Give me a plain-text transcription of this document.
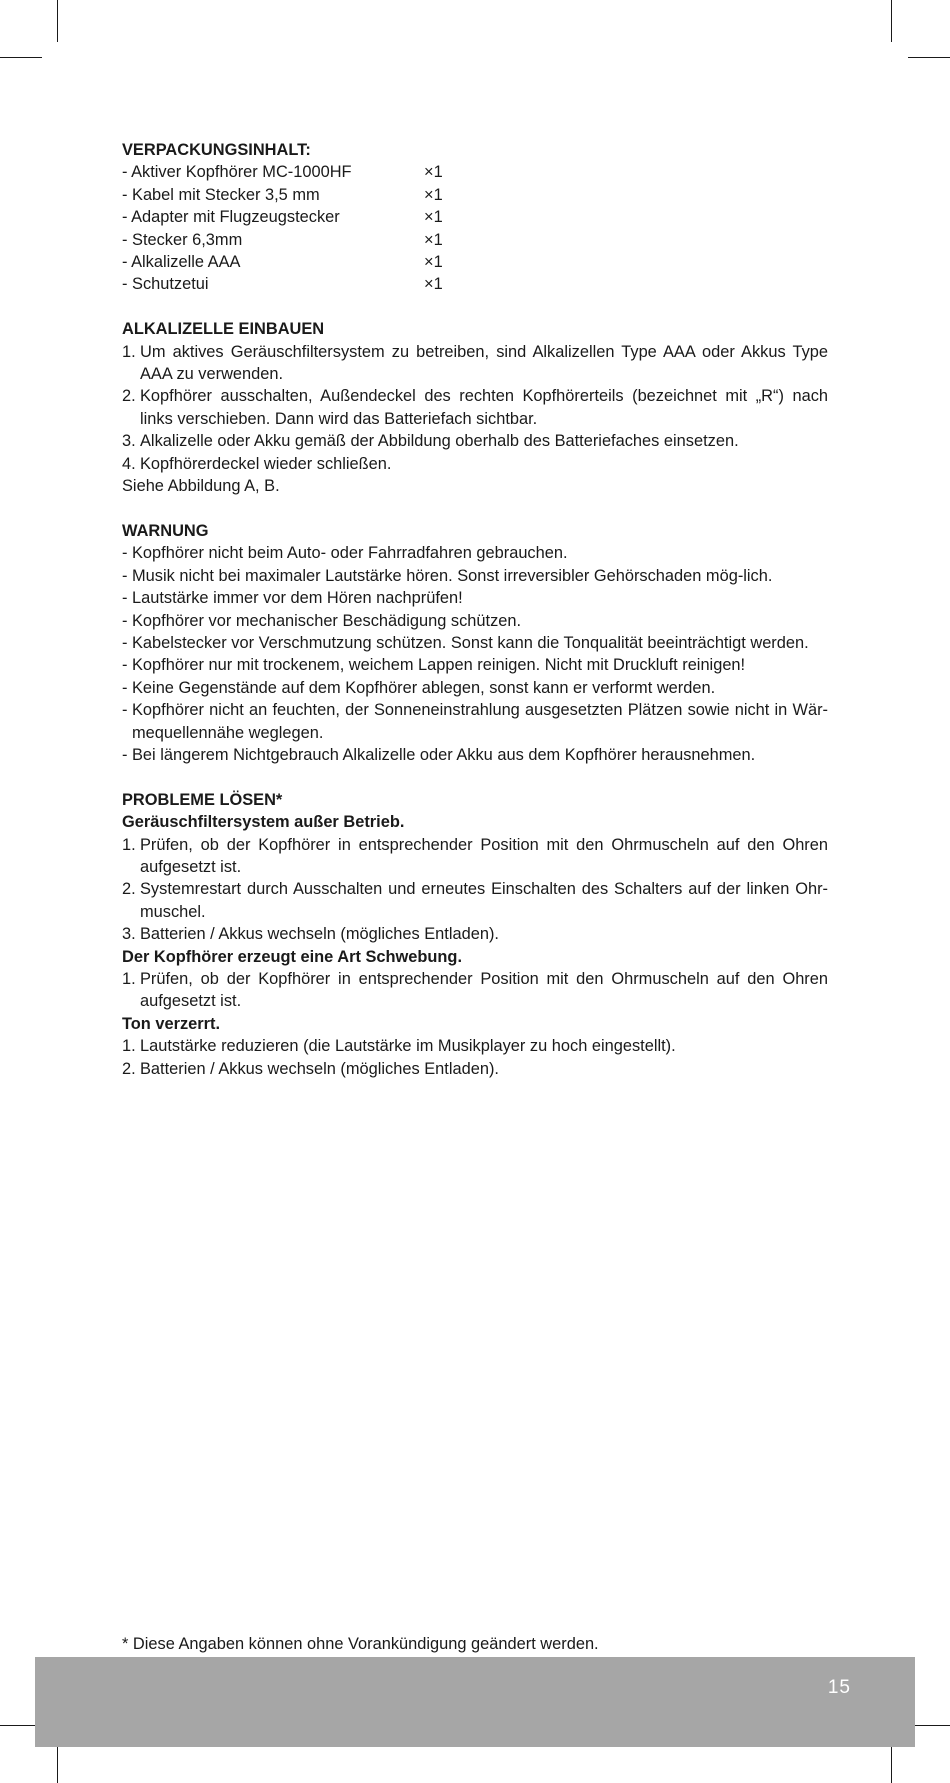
VERPACKUNGSINHALT:

- Aktiver Kopfhörer MC-1000HF	×1
- Kabel mit Stecker 3,5 mm	×1
- Adapter mit Flugzeugstecker	×1
- Stecker 6,3mm	×1
- Alkalizelle AAA	×1
- Schutzetui	×1

ALKALIZELLE EINBAUEN

1. Um aktives Geräuschfiltersystem zu betreiben, sind Alkalizellen Type AAA oder Akkus Type AAA zu verwenden.
2. Kopfhörer ausschalten, Außendeckel des rechten Kopfhörerteils (bezeichnet mit „R“) nach links verschieben. Dann wird das Batteriefach sichtbar.
3. Alkalizelle oder Akku gemäß der Abbildung oberhalb des Batteriefaches einsetzen.
4. Kopfhörerdeckel wieder schließen.

Siehe Abbildung A, B.

WARNUNG

- Kopfhörer nicht beim Auto- oder Fahrradfahren gebrauchen.
- Musik nicht bei maximaler Lautstärke hören. Sonst irreversibler Gehörschaden mög-lich.
- Lautstärke immer vor dem Hören nachprüfen!
- Kopfhörer vor mechanischer Beschädigung schützen.
- Kabelstecker vor Verschmutzung schützen. Sonst kann die Tonqualität beeinträchtigt werden.
- Kopfhörer nur mit trockenem, weichem Lappen reinigen. Nicht mit Druckluft reinigen!
- Keine Gegenstände auf dem Kopfhörer ablegen, sonst kann er verformt werden.
- Kopfhörer nicht an feuchten, der Sonneneinstrahlung ausgesetzten Plätzen sowie nicht in Wär-mequellennähe weglegen.
- Bei längerem Nichtgebrauch Alkalizelle oder Akku aus dem Kopfhörer herausnehmen.

PROBLEME LÖSEN*

Geräuschfiltersystem außer Betrieb.

1. Prüfen, ob der Kopfhörer in entsprechender Position mit den Ohrmuscheln auf den Ohren aufgesetzt ist.
2. Systemrestart durch Ausschalten und erneutes Einschalten des Schalters auf der linken Ohr-muschel.
3. Batterien / Akkus wechseln (mögliches Entladen).

Der Kopfhörer erzeugt eine Art Schwebung.

1. Prüfen, ob der Kopfhörer in entsprechender Position mit den Ohrmuscheln auf den Ohren aufgesetzt ist.

Ton verzerrt.

1. Lautstärke reduzieren (die Lautstärke im Musikplayer zu hoch eingestellt).
2. Batterien / Akkus wechseln (mögliches Entladen).

* Diese Angaben können ohne Vorankündigung geändert werden.

15
